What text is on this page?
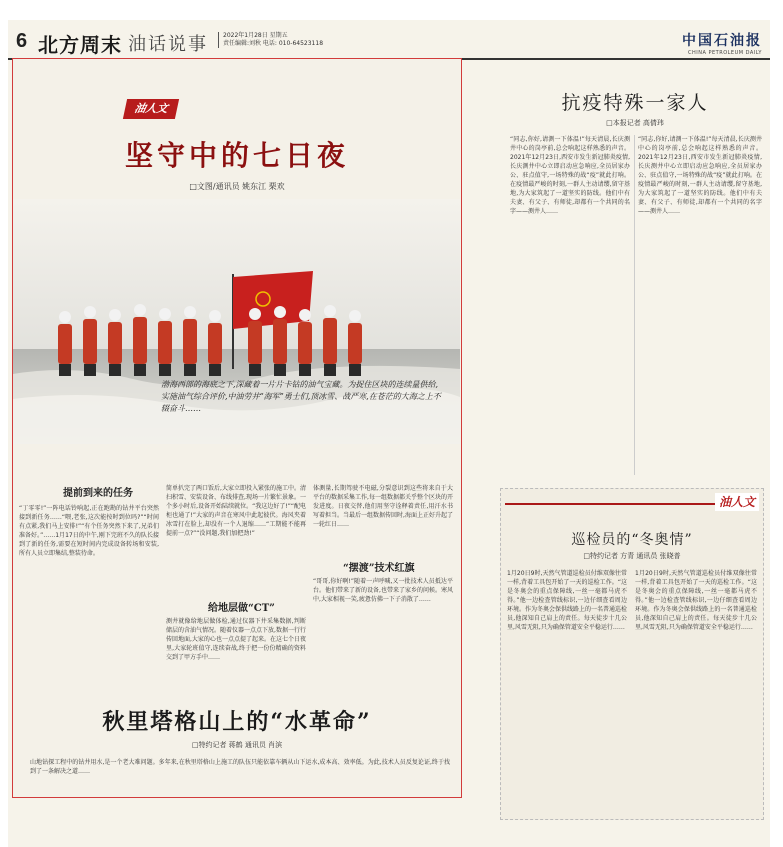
6 北方周末 油话说事	2022年1月28日 星期五
责任编辑:刘秋 电话: 010-64523118	中国石油报
CHINA PETROLEUM DAILY
油人文
坚守中的七日夜
□文图/通讯员 姚东江 栗欢
渤海西部的海底之下,深藏着一片片卡钻的油气宝藏。为捉住区块的连续量供给,实施油气综合评价,中油劳井“海军”勇士们,顶冰雪、战严寒,在苍茫的大海之上不辍奋斗……
提前到来的任务
“丁零零!”一阵电话铃响起,正在跑勘的钻井平台突然接到新任务……“喂,老张,这次能按时到位吗?”“时间有点紧,我们马上安排!”“有个任务突然下来了,兄弟们准备好。”……1月17日的中午,刚下完班不久的队长接到了新的任务,需要在短时间内完成设备转场和安装,所有人员立即集结,整装待命。
简单扒完了两口饭后,大家立即投入紧张的施工中。清扫积雪、安装设备、布线排查,现场一片繁忙景象。一个多小时后,设备开始陆续就位。“我这边好了!”“配电柜也通了!”大家的声音在寒风中此起彼伏。海风夹着冰雪打在脸上,却没有一个人退缩……“工期能不能再提前一点?”“没问题,我们加把劲!”
给地层做“CT”
测井就像给地层做体检,通过仪器下井采集数据,判断储层的含油气情况。随着仪器一点点下放,数据一行行传回地面,大家的心也一点点提了起来。在这七个日夜里,大家轮班值守,连续奋战,终于把一份份精确的资料交到了甲方手中……
体测量,长期驾驶不电磁,分裂意识到这些将来自于大平台的数据采集工作,每一组数据都关乎整个区块的开发进度。日夜交替,他们用坚守诠释着责任,用汗水书写着担当。当最后一组数据传回时,海面上正好升起了一轮红日……
“摆渡”技术红旗
“哥哥,你好啊!”随着一声呼喊,又一批技术人员抵达平台。他们带来了新的设备,也带来了家乡的问候。寒风中,大家相视一笑,疲惫仿佛一下子消散了……
秋里塔格山上的“水革命”
□特约记者 蒋鹤 通讯员 肖滨
山地钻探工程中的钻井用水,是一个老大难问题。多年来,在秋里塔格山上施工的队伍只能依靠车辆从山下运水,成本高、效率低。为此,技术人员反复论证,终于找到了一条解决之道……
抗疫特殊一家人
□本报记者 高倩玮
“同志,你好,请测一下体温!”每天清晨,长庆测井中心的岗亭前,总会响起这样熟悉的声音。2021年12月23日,西安市发生新冠肺炎疫情,长庆测井中心立即启动应急响应,全员居家办公、驻点值守,一场特殊的战“疫”就此打响。在疫情最严峻的时刻,一群人主动请缨,留守基地,为大家筑起了一道坚实的防线。他们中有夫妻、有父子、有师徒,却都有一个共同的名字——测井人……
“同志,你好,请测一下体温!”每天清晨,长庆测井中心的岗亭前,总会响起这样熟悉的声音。2021年12月23日,西安市发生新冠肺炎疫情,长庆测井中心立即启动应急响应,全员居家办公、驻点值守,一场特殊的战“疫”就此打响。在疫情最严峻的时刻,一群人主动请缨,留守基地,为大家筑起了一道坚实的防线。他们中有夫妻、有父子、有师徒,却都有一个共同的名字——测井人……
油人文
巡检员的“冬奥情”
□特约记者 方青 通讯员 张晓普
1月20日9时,天然气管道巡检员付维双像往常一样,背着工具包开始了一天的巡检工作。“这是冬奥会的重点保障线,一丝一毫都马虎不得。”他一边检查管线标识,一边仔细查看周边环境。作为冬奥会保供线路上的一名普通巡检员,他深知自己肩上的责任。每天徒步十几公里,风雪无阻,只为确保管道安全平稳运行……
1月20日9时,天然气管道巡检员付维双像往常一样,背着工具包开始了一天的巡检工作。“这是冬奥会的重点保障线,一丝一毫都马虎不得。”他一边检查管线标识,一边仔细查看周边环境。作为冬奥会保供线路上的一名普通巡检员,他深知自己肩上的责任。每天徒步十几公里,风雪无阻,只为确保管道安全平稳运行……
